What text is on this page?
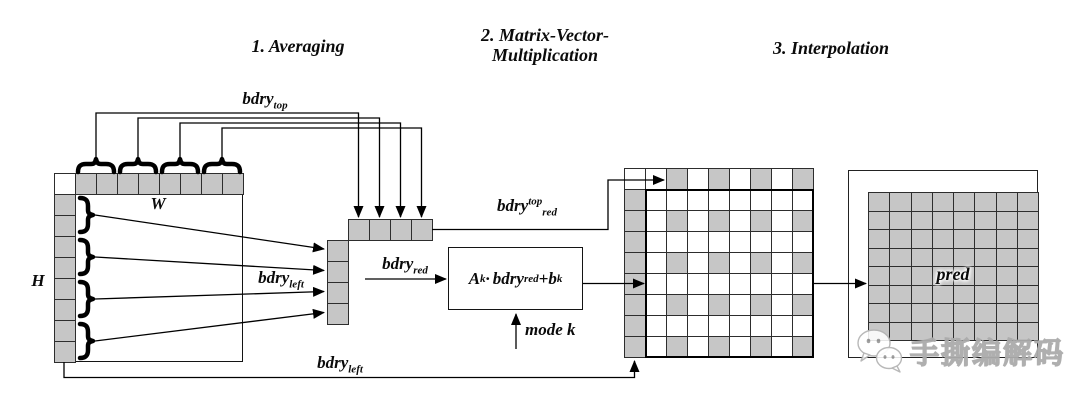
1. Averaging
2. Matrix-Vector-
Multiplication	3. Interpolation
bdry$_{top}$
W
H	bdry$_{left}$
bdry$_{red}$
bdry$^{top}_{red}$
mode k
bdry$_{left}$
pred
A k · bdry red + b k
手撕编解码
